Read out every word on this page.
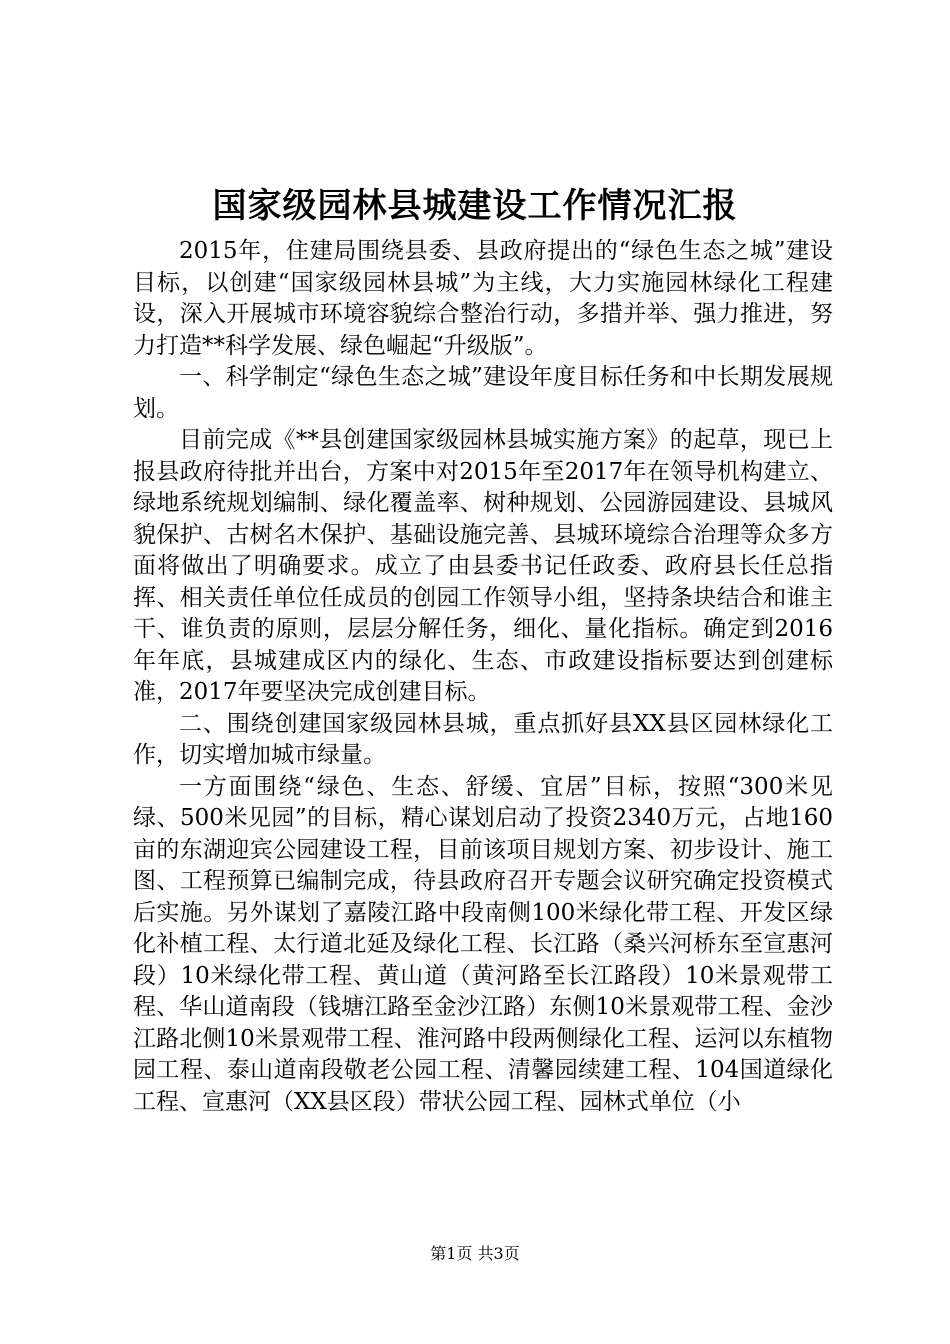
国家级园林县城建设工作情况汇报

2015年，住建局围绕县委、县政府提出的“绿色生态之城”建设目标，以创建“国家级园林县城”为主线，大力实施园林绿化工程建设，深入开展城市环境容貌综合整治行动，多措并举、强力推进，努力打造**科学发展、绿色崛起“升级版”。

一、科学制定“绿色生态之城”建设年度目标任务和中长期发展规划。

目前完成《**县创建国家级园林县城实施方案》的起草，现已上报县政府待批并出台，方案中对2015年至2017年在领导机构建立、绿地系统规划编制、绿化覆盖率、树种规划、公园游园建设、县城风貌保护、古树名木保护、基础设施完善、县城环境综合治理等众多方面将做出了明确要求。成立了由县委书记任政委、政府县长任总指挥、相关责任单位任成员的创园工作领导小组，坚持条块结合和谁主干、谁负责的原则，层层分解任务，细化、量化指标。确定到2016年年底，县城建成区内的绿化、生态、市政建设指标要达到创建标准，2017年要坚决完成创建目标。

二、围绕创建国家级园林县城，重点抓好县XX县区园林绿化工作，切实增加城市绿量。

一方面围绕“绿色、生态、舒缓、宜居”目标，按照“300米见绿、500米见园”的目标，精心谋划启动了投资2340万元，占地160亩的东湖迎宾公园建设工程，目前该项目规划方案、初步设计、施工图、工程预算已编制完成，待县政府召开专题会议研究确定投资模式后实施。另外谋划了嘉陵江路中段南侧100米绿化带工程、开发区绿化补植工程、太行道北延及绿化工程、长江路（桑兴河桥东至宣惠河段）10米绿化带工程、黄山道（黄河路至长江路段）10米景观带工程、华山道南段（钱塘江路至金沙江路）东侧10米景观带工程、金沙江路北侧10米景观带工程、淮河路中段两侧绿化工程、运河以东植物园工程、泰山道南段敬老公园工程、清馨园续建工程、104国道绿化工程、宣惠河（XX县区段）带状公园工程、园林式单位（小

第1页 共3页
